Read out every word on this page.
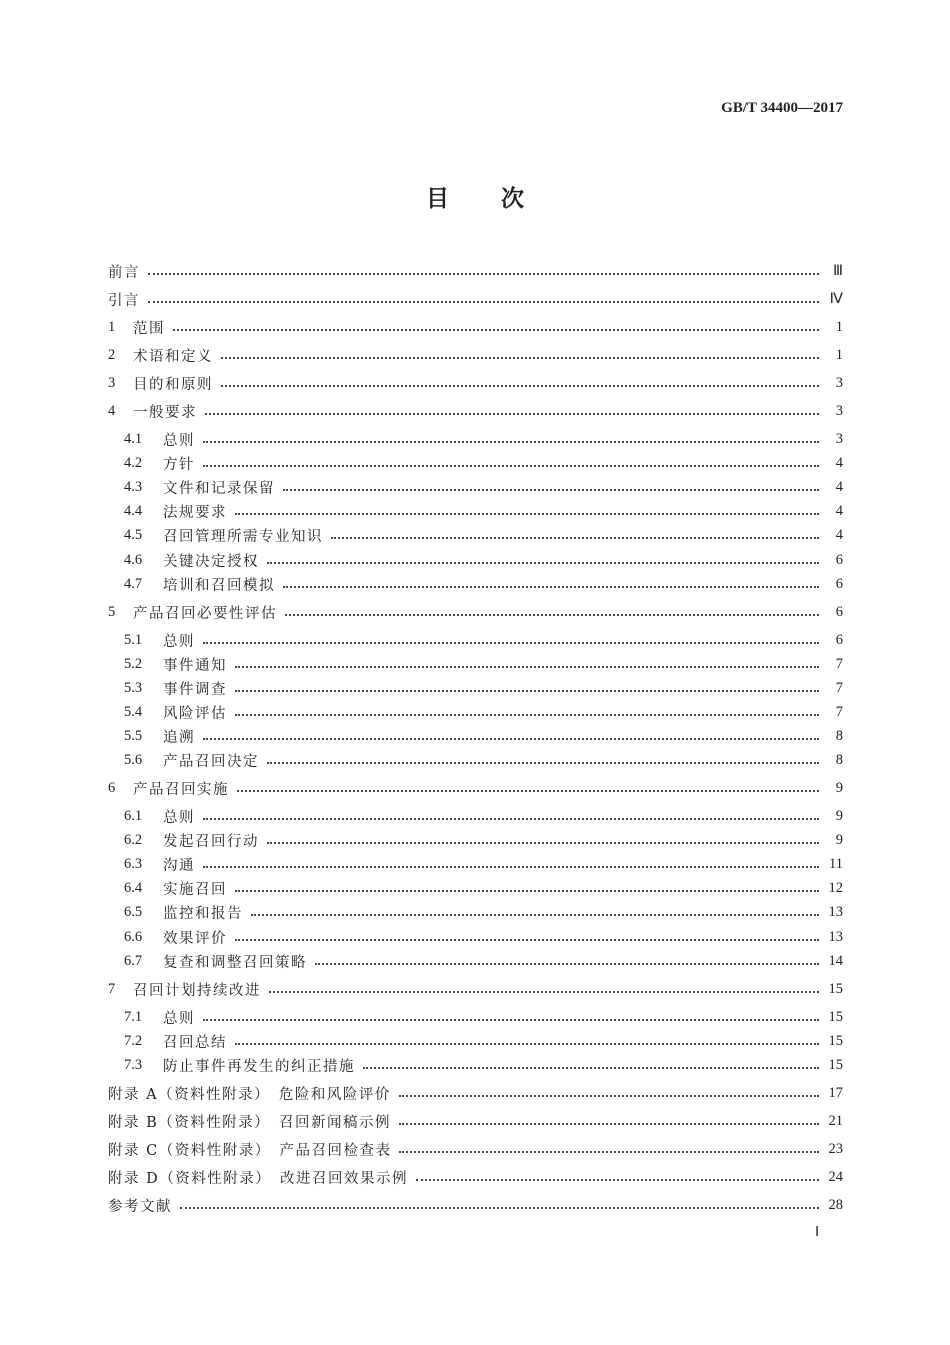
GB/T 34400—2017
目 次
前言	Ⅲ
引言	Ⅳ
1	范围	1
2	术语和定义	1
3	目的和原则	3
4	一般要求	3
4.1	总则	3
4.2	方针	4
4.3	文件和记录保留	4
4.4	法规要求	4
4.5	召回管理所需专业知识	4
4.6	关键决定授权	6
4.7	培训和召回模拟	6
5	产品召回必要性评估	6
5.1	总则	6
5.2	事件通知	7
5.3	事件调查	7
5.4	风险评估	7
5.5	追溯	8
5.6	产品召回决定	8
6	产品召回实施	9
6.1	总则	9
6.2	发起召回行动	9
6.3	沟通	11
6.4	实施召回	12
6.5	监控和报告	13
6.6	效果评价	13
6.7	复查和调整召回策略	14
7	召回计划持续改进	15
7.1	总则	15
7.2	召回总结	15
7.3	防止事件再发生的纠正措施	15
附录 A（资料性附录）　危险和风险评价	17
附录 B（资料性附录）　召回新闻稿示例	21
附录 C（资料性附录）　产品召回检查表	23
附录 D（资料性附录）　改进召回效果示例	24
参考文献	28
Ⅰ
